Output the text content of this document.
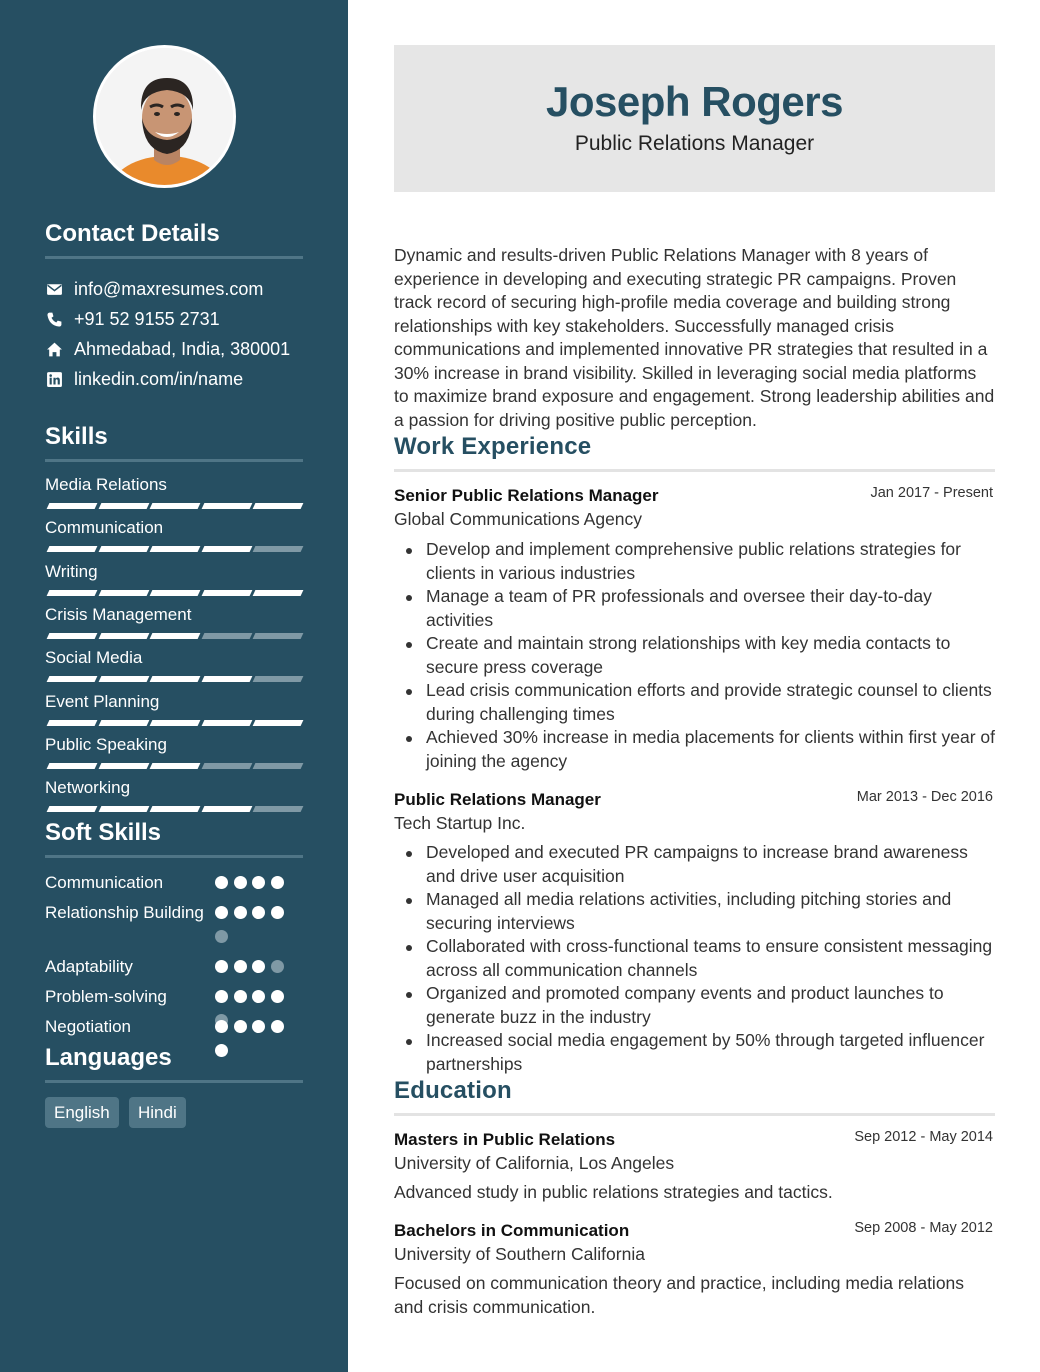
Contact Details
info@maxresumes.com
+91 52 9155 2731
Ahmedabad, India, 380001
linkedin.com/in/name
Skills
Media Relations
Communication
Writing
Crisis Management
Social Media
Event Planning
Public Speaking
Networking
Soft Skills
Communication
Relationship Building
Adaptability
Problem-solving
Negotiation
Languages
English	Hindi
Joseph Rogers
Public Relations Manager
Dynamic and results-driven Public Relations Manager with 8 years of experience in developing and executing strategic PR campaigns. Proven track record of securing high-profile media coverage and building strong relationships with key stakeholders. Successfully managed crisis communications and implemented innovative PR strategies that resulted in a 30% increase in brand visibility. Skilled in leveraging social media platforms to maximize brand exposure and engagement. Strong leadership abilities and a passion for driving positive public perception.
Work Experience
Senior Public Relations Manager	Jan 2017 - Present
Global Communications Agency
Develop and implement comprehensive public relations strategies for clients in various industries
Manage a team of PR professionals and oversee their day-to-day activities
Create and maintain strong relationships with key media contacts to secure press coverage
Lead crisis communication efforts and provide strategic counsel to clients during challenging times
Achieved 30% increase in media placements for clients within first year of joining the agency
Public Relations Manager	Mar 2013 - Dec 2016
Tech Startup Inc.
Developed and executed PR campaigns to increase brand awareness and drive user acquisition
Managed all media relations activities, including pitching stories and securing interviews
Collaborated with cross-functional teams to ensure consistent messaging across all communication channels
Organized and promoted company events and product launches to generate buzz in the industry
Increased social media engagement by 50% through targeted influencer partnerships
Education
Masters in Public Relations	Sep 2012 - May 2014
University of California, Los Angeles
Advanced study in public relations strategies and tactics.
Bachelors in Communication	Sep 2008 - May 2012
University of Southern California
Focused on communication theory and practice, including media relations and crisis communication.
